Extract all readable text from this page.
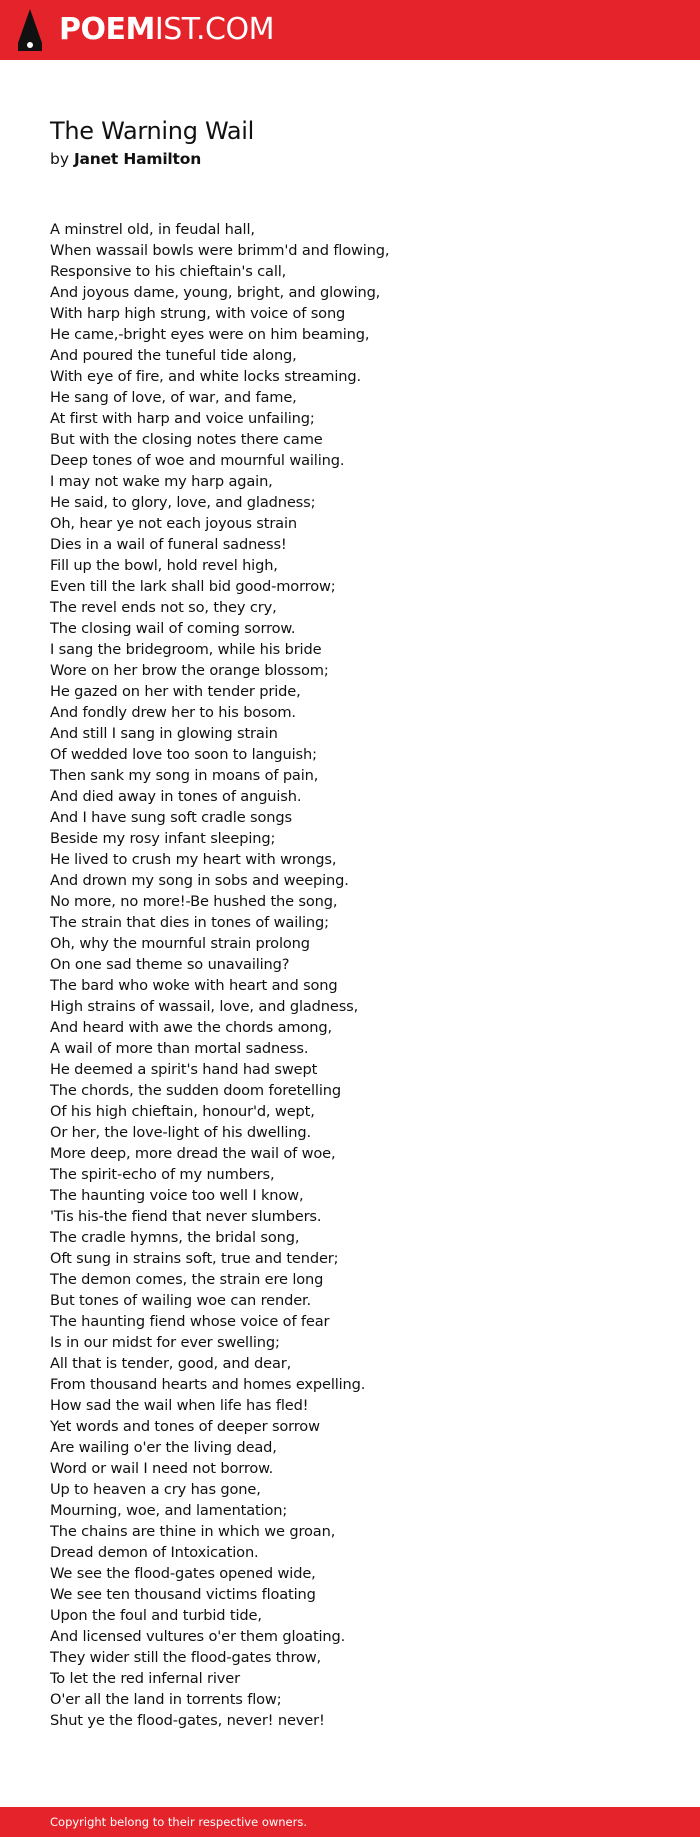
POEMIST.COM
The Warning Wail
by Janet Hamilton
A minstrel old, in feudal hall,
When wassail bowls were brimm'd and flowing,
Responsive to his chieftain's call,
And joyous dame, young, bright, and glowing,
With harp high strung, with voice of song
He came,-bright eyes were on him beaming,
And poured the tuneful tide along,
With eye of fire, and white locks streaming.
He sang of love, of war, and fame,
At first with harp and voice unfailing;
But with the closing notes there came
Deep tones of woe and mournful wailing.
I may not wake my harp again,
He said, to glory, love, and gladness;
Oh, hear ye not each joyous strain
Dies in a wail of funeral sadness!
Fill up the bowl, hold revel high,
Even till the lark shall bid good-morrow;
The revel ends not so, they cry,
The closing wail of coming sorrow.
I sang the bridegroom, while his bride
Wore on her brow the orange blossom;
He gazed on her with tender pride,
And fondly drew her to his bosom.
And still I sang in glowing strain
Of wedded love too soon to languish;
Then sank my song in moans of pain,
And died away in tones of anguish.
And I have sung soft cradle songs
Beside my rosy infant sleeping;
He lived to crush my heart with wrongs,
And drown my song in sobs and weeping.
No more, no more!-Be hushed the song,
The strain that dies in tones of wailing;
Oh, why the mournful strain prolong
On one sad theme so unavailing?
The bard who woke with heart and song
High strains of wassail, love, and gladness,
And heard with awe the chords among,
A wail of more than mortal sadness.
He deemed a spirit's hand had swept
The chords, the sudden doom foretelling
Of his high chieftain, honour'd, wept,
Or her, the love-light of his dwelling.
More deep, more dread the wail of woe,
The spirit-echo of my numbers,
The haunting voice too well I know,
'Tis his-the fiend that never slumbers.
The cradle hymns, the bridal song,
Oft sung in strains soft, true and tender;
The demon comes, the strain ere long
But tones of wailing woe can render.
The haunting fiend whose voice of fear
Is in our midst for ever swelling;
All that is tender, good, and dear,
From thousand hearts and homes expelling.
How sad the wail when life has fled!
Yet words and tones of deeper sorrow
Are wailing o'er the living dead,
Word or wail I need not borrow.
Up to heaven a cry has gone,
Mourning, woe, and lamentation;
The chains are thine in which we groan,
Dread demon of Intoxication.
We see the flood-gates opened wide,
We see ten thousand victims floating
Upon the foul and turbid tide,
And licensed vultures o'er them gloating.
They wider still the flood-gates throw,
To let the red infernal river
O'er all the land in torrents flow;
Shut ye the flood-gates, never! never!
Copyright belong to their respective owners.
